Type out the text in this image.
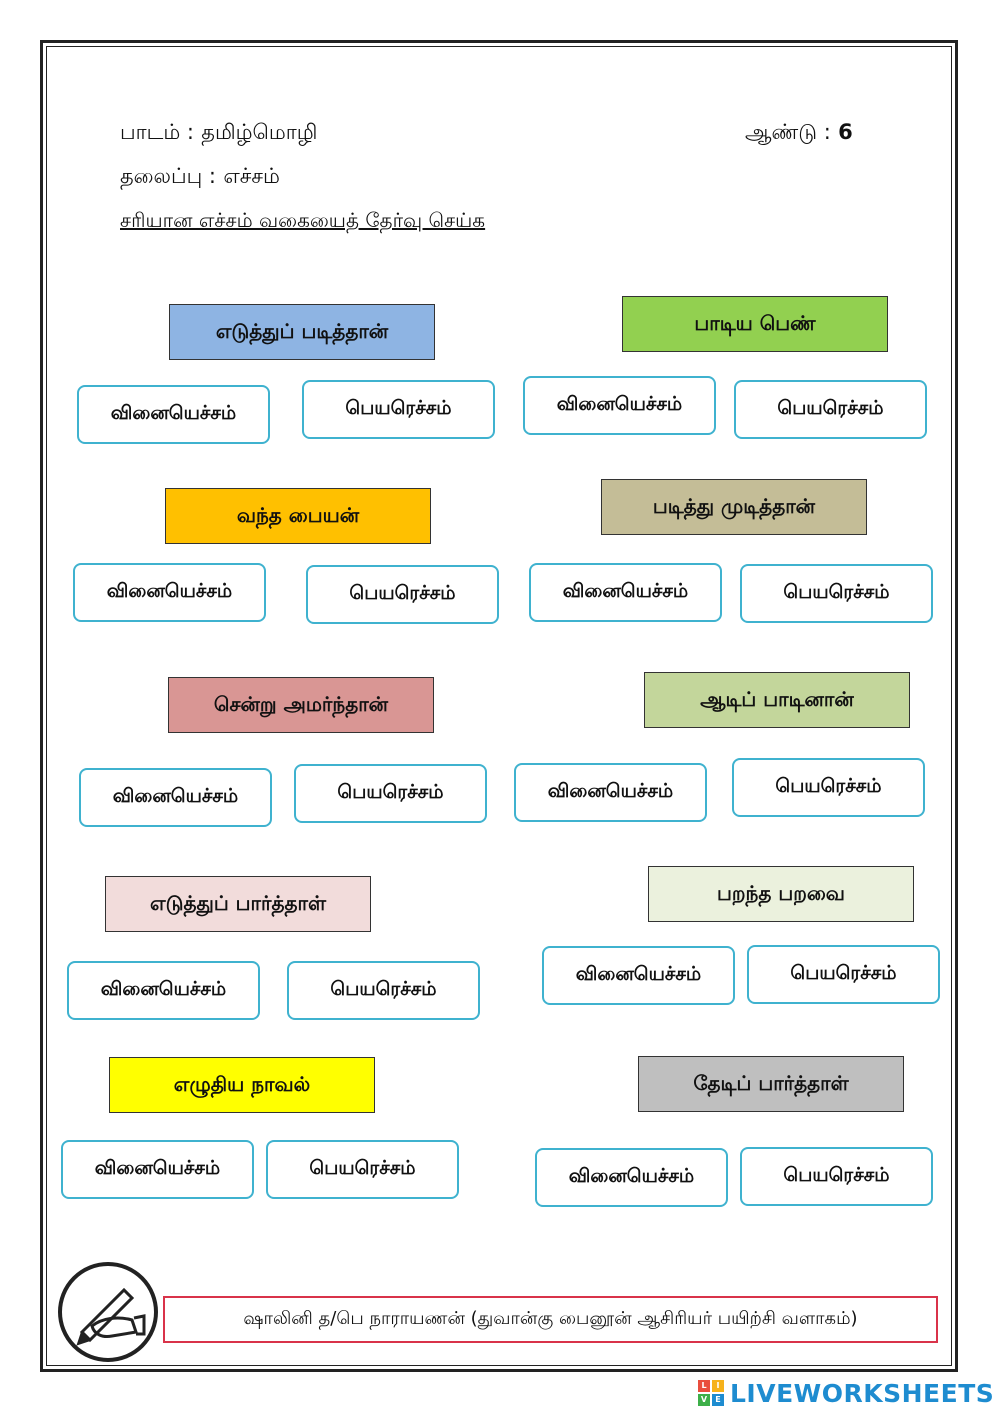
பாடம் : தமிழ்மொழி	ஆண்டு : 6
தலைப்பு : எச்சம்
சரியான எச்சம் வகையைத் தேர்வு செய்க
எடுத்துப் படித்தான்
வினையெச்சம்	பெயரெச்சம்
பாடிய பெண்
வினையெச்சம்	பெயரெச்சம்
வந்த பையன்
வினையெச்சம்	பெயரெச்சம்
படித்து முடித்தான்
வினையெச்சம்	பெயரெச்சம்
சென்று அமர்ந்தான்
வினையெச்சம்	பெயரெச்சம்
ஆடிப் பாடினான்
வினையெச்சம்	பெயரெச்சம்
எடுத்துப் பார்த்தாள்
வினையெச்சம்	பெயரெச்சம்
பறந்த பறவை
வினையெச்சம்	பெயரெச்சம்
எழுதிய நாவல்
வினையெச்சம்	பெயரெச்சம்
தேடிப் பார்த்தாள்
வினையெச்சம்	பெயரெச்சம்
ஷாலினி த/பெ நாராயணன் (துவான்கு பைனூன் ஆசிரியர் பயிற்சி வளாகம்)
L	I
V	E LIVEWORKSHEETS
